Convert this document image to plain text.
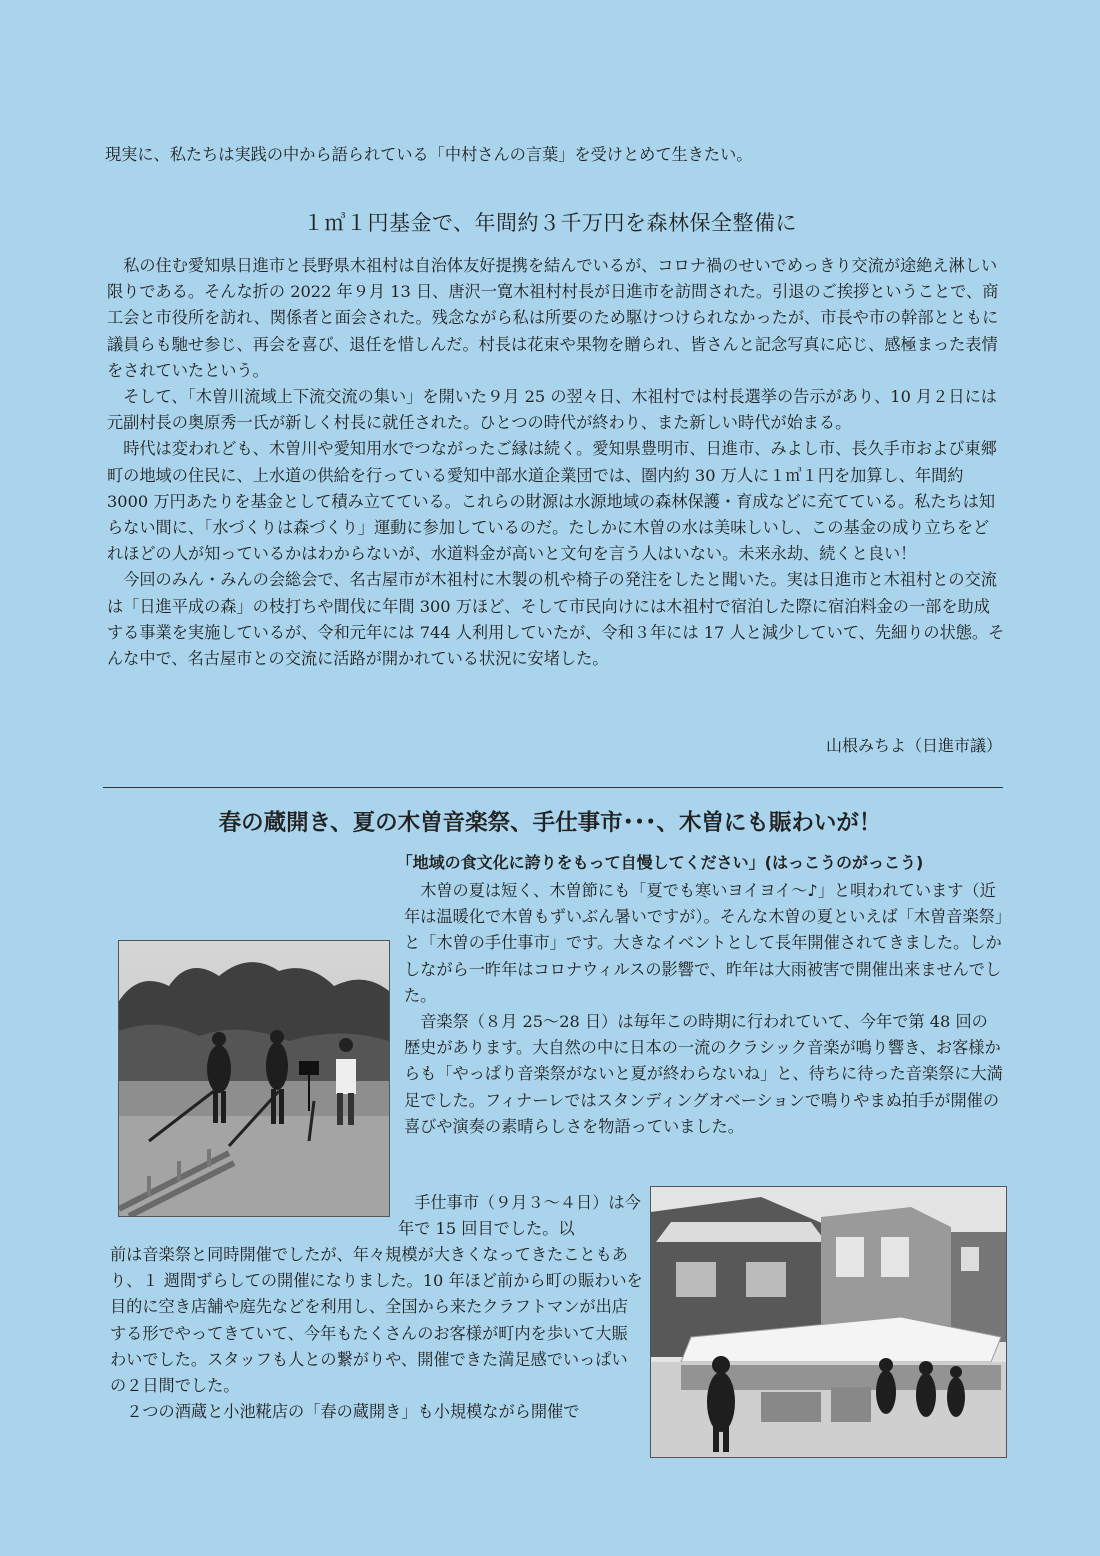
現実に、私たちは実践の中から語られている「中村さんの言葉」を受けとめて生きたい。

１㎥１円基金で、年間約３千万円を森林保全整備に

私の住む愛知県日進市と長野県木祖村は自治体友好提携を結んでいるが、コロナ禍のせいでめっきり交流が途絶え淋しい限りである。そんな折の 2022 年９月 13 日、唐沢一寛木祖村村長が日進市を訪問された。引退のご挨拶ということで、商工会と市役所を訪れ、関係者と面会された。残念ながら私は所要のため駆けつけられなかったが、市長や市の幹部とともに議員らも馳せ参じ、再会を喜び、退任を惜しんだ。村長は花束や果物を贈られ、皆さんと記念写真に応じ、感極まった表情をされていたという。

そして、「木曽川流域上下流交流の集い」を開いた９月 25 の翌々日、木祖村では村長選挙の告示があり、10 月２日には元副村長の奥原秀一氏が新しく村長に就任された。ひとつの時代が終わり、また新しい時代が始まる。

時代は変われども、木曽川や愛知用水でつながったご縁は続く。愛知県豊明市、日進市、みよし市、長久手市および東郷町の地域の住民に、上水道の供給を行っている愛知中部水道企業団では、圏内約 30 万人に１㎥１円を加算し、年間約 3000 万円あたりを基金として積み立てている。これらの財源は水源地域の森林保護・育成などに充てている。私たちは知らない間に、「水づくりは森づくり」運動に参加しているのだ。たしかに木曽の水は美味しいし、この基金の成り立ちをどれほどの人が知っているかはわからないが、水道料金が高いと文句を言う人はいない。未来永劫、続くと良い！

今回のみん・みんの会総会で、名古屋市が木祖村に木製の机や椅子の発注をしたと聞いた。実は日進市と木祖村との交流は「日進平成の森」の枝打ちや間伐に年間 300 万ほど、そして市民向けには木祖村で宿泊した際に宿泊料金の一部を助成する事業を実施しているが、令和元年には 744 人利用していたが、令和３年には 17 人と減少していて、先細りの状態。そんな中で、名古屋市との交流に活路が開かれている状況に安堵した。

山根みちよ（日進市議）
春の蔵開き、夏の木曽音楽祭、手仕事市･･･、木曽にも賑わいが！
「地域の食文化に誇りをもって自慢してください」(はっこうのがっこう)

木曽の夏は短く、木曽節にも「夏でも寒いヨイヨイ～♪」と唄われています（近年は温暖化で木曽もずいぶん暑いですが）。そんな木曽の夏といえば「木曽音楽祭」と「木曽の手仕事市」です。大きなイベントとして長年開催されてきました。しかしながら一昨年はコロナウィルスの影響で、昨年は大雨被害で開催出来ませんでした。

音楽祭（８月 25～28 日）は毎年この時期に行われていて、今年で第 48 回の歴史があります。大自然の中に日本の一流のクラシック音楽が鳴り響き、お客様からも「やっぱり音楽祭がないと夏が終わらないね」と、待ちに待った音楽祭に大満足でした。フィナーレではスタンディングオベーションで鳴りやまぬ拍手が開催の喜びや演奏の素晴らしさを物語っていました。

手仕事市（９月３～４日）は今年で 15 回目でした。以

前は音楽祭と同時開催でしたが、年々規模が大きくなってきたこともあり、１ 週間ずらしての開催になりました。10 年ほど前から町の賑わいを目的に空き店舗や庭先などを利用し、全国から来たクラフトマンが出店する形でやってきていて、今年もたくさんのお客様が町内を歩いて大賑わいでした。スタッフも人との繋がりや、開催できた満足感でいっぱいの２日間でした。

２つの酒蔵と小池糀店の「春の蔵開き」も小規模ながら開催で
